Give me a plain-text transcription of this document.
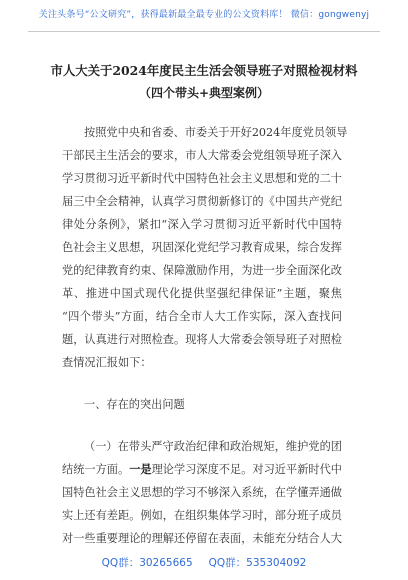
关注头条号“公文研究”，获得最新最全最专业的公文资料库！ 微信：gongwenyj
市人大关于2024年度民主生活会领导班子对照检视材料
（四个带头+典型案例）
按照党中央和省委、市委关于开好2024年度党员领导
干部民主生活会的要求，市人大常委会党组领导班子深入
学习贯彻习近平新时代中国特色社会主义思想和党的二十
届三中全会精神，认真学习贯彻新修订的《中国共产党纪
律处分条例》，紧扣“深入学习贯彻习近平新时代中国特
色社会主义思想，巩固深化党纪学习教育成果，综合发挥
党的纪律教育约束、保障激励作用，为进一步全面深化改
革、推进中国式现代化提供坚强纪律保证”主题，聚焦
“四个带头”方面，结合全市人大工作实际，深入查找问
题，认真进行对照检查。现将人大常委会领导班子对照检
查情况汇报如下：
一、存在的突出问题
（一）在带头严守政治纪律和政治规矩，维护党的团
结统一方面。一是理论学习深度不足。对习近平新时代中
国特色社会主义思想的学习不够深入系统，在学懂弄通做
实上还有差距。例如，在组织集体学习时，部分班子成员
对一些重要理论的理解还停留在表面，未能充分结合人大
QQ群：30265665 QQ群：535304092
